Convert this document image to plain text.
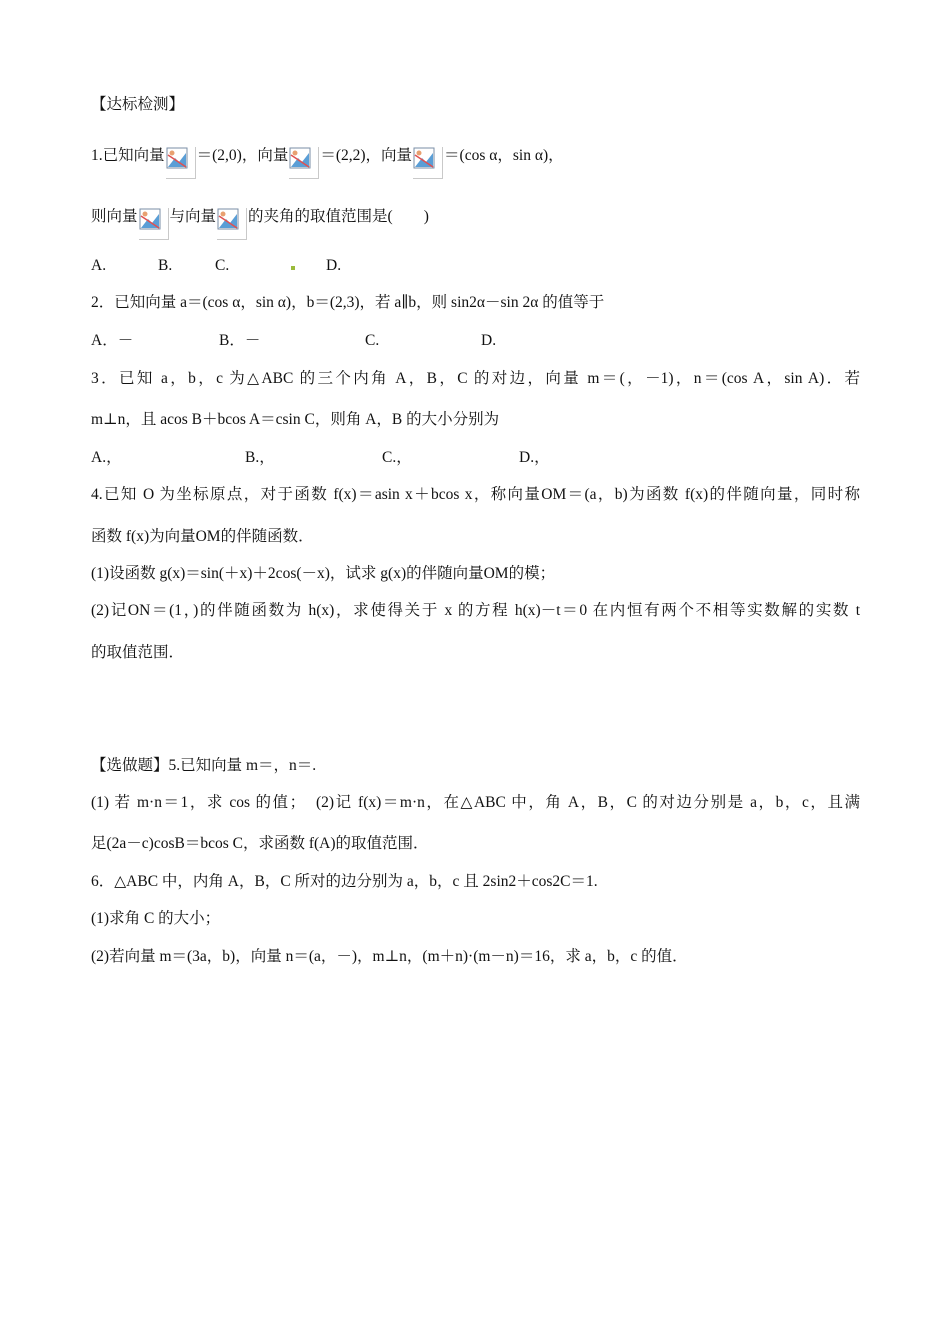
【达标检测】
1.已知向量 ＝(2,0)，向量 ＝(2,2)，向量 ＝(cos α，sin α)，
则向量 与向量 的夹角的取值范围是(　　)
A.	B.	C.	D.
2．已知向量 a＝(cos α，sin α)，b＝(2,3)，若 a∥b，则 sin2α－sin 2α 的值等于
A．－	B．－	C.	D.
3．已知 a，b，c 为△ABC 的三个内角 A，B，C 的对边，向量 m＝(，－1)，n＝(cos A，sin A)．若
m⊥n，且 acos B＋bcos A＝csin C，则角 A，B 的大小分别为
A.，	B.，	C.，	D.，
4.已知 O 为坐标原点，对于函数 f(x)＝asin x＋bcos x，称向量OM＝(a，b)为函数 f(x)的伴随向量，同时称
函数 f(x)为向量OM的伴随函数．
(1)设函数 g(x)＝sin(＋x)＋2cos(－x)，试求 g(x)的伴随向量OM的模；
(2)记ON＝(1，)的伴随函数为 h(x)，求使得关于 x 的方程 h(x)－t＝0 在内恒有两个不相等实数解的实数 t
的取值范围．
【选做题】5.已知向量 m＝，n＝.
(1) 若 m·n＝1，求 cos 的值；　(2)记 f(x)＝m·n，在△ABC 中，角 A，B，C 的对边分别是 a，b，c，且满
足(2a－c)cosB＝bcos C，求函数 f(A)的取值范围．
6．△ABC 中，内角 A，B，C 所对的边分别为 a，b，c 且 2sin2＋cos2C＝1.
(1)求角 C 的大小；
(2)若向量 m＝(3a，b)，向量 n＝(a，－)，m⊥n，(m＋n)·(m－n)＝16，求 a，b，c 的值．
